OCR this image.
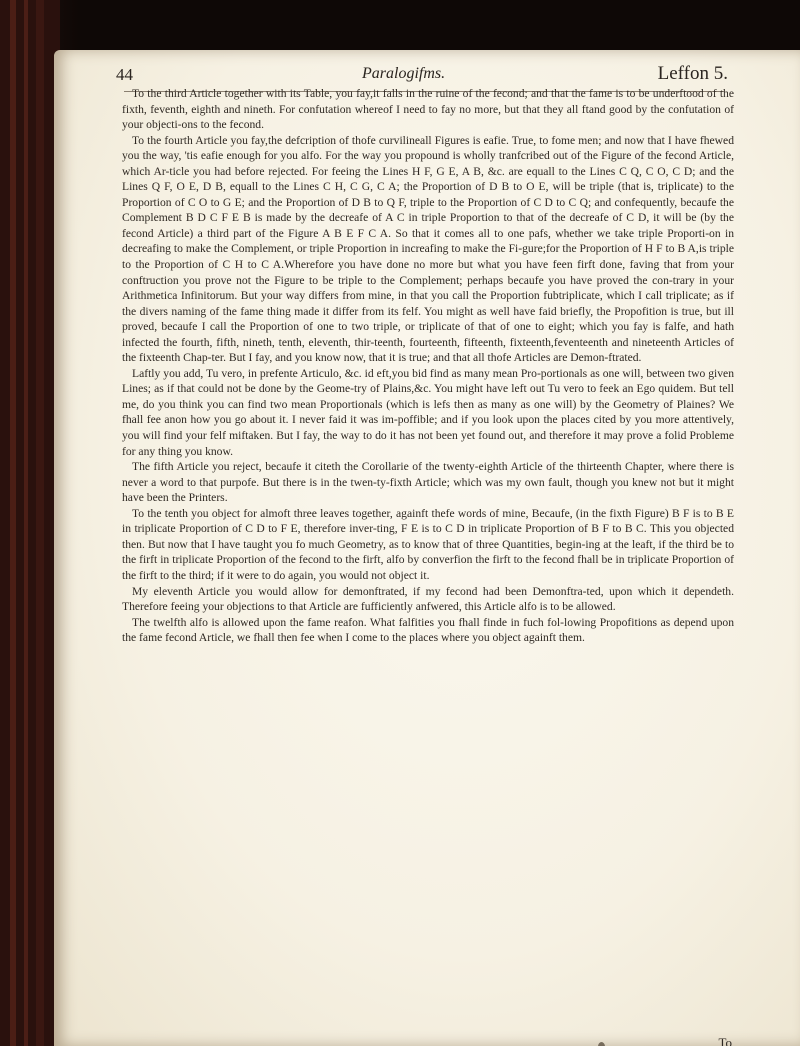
44	Paralogifms.	Leffon 5.

To the third Article together with its Table, you fay,it falls in the ruine of the fecond; and that the fame is to be underftood of the fixth, feventh, eighth and nineth. For confutation whereof I need to fay no more, but that they all ftand good by the confutation of your objecti-ons to the fecond.

To the fourth Article you fay,the defcription of thofe curvilineall Figures is eafie. True, to fome men; and now that I have fhewed you the way, 'tis eafie enough for you alfo. For the way you propound is wholly tranfcribed out of the Figure of the fecond Article, which Ar-ticle you had before rejected. For feeing the Lines H F, G E, A B, &c. are equall to the Lines C Q, C O, C D; and the Lines Q F, O E, D B, equall to the Lines C H, C G, C A; the Proportion of D B to O E, will be triple (that is, triplicate) to the Proportion of C O to G E; and the Proportion of D B to Q F, triple to the Proportion of C D to C Q; and confequently, becaufe the Complement B D C F E B is made by the decreafe of A C in triple Proportion to that of the decreafe of C D, it will be (by the fecond Article) a third part of the Figure A B E F C A. So that it comes all to one pafs, whether we take triple Proporti-on in decreafing to make the Complement, or triple Proportion in increafing to make the Fi-gure;for the Proportion of H F to B A,is triple to the Proportion of C H to C A.Wherefore you have done no more but what you have feen firft done, faving that from your conftruction you prove not the Figure to be triple to the Complement; perhaps becaufe you have proved the con-trary in your Arithmetica Infinitorum. But your way differs from mine, in that you call the Proportion fubtriplicate, which I call triplicate; as if the divers naming of the fame thing made it differ from its felf. You might as well have faid briefly, the Propofition is true, but ill proved, becaufe I call the Proportion of one to two triple, or triplicate of that of one to eight; which you fay is falfe, and hath infected the fourth, fifth, nineth, tenth, eleventh, thir-teenth, fourteenth, fifteenth, fixteenth,feventeenth and nineteenth Articles of the fixteenth Chap-ter. But I fay, and you know now, that it is true; and that all thofe Articles are Demon-ftrated.

Laftly you add, Tu vero, in prefente Articulo, &c. id eft,you bid find as many mean Pro-portionals as one will, between two given Lines; as if that could not be done by the Geome-try of Plains,&c. You might have left out Tu vero to feek an Ego quidem. But tell me, do you think you can find two mean Proportionals (which is lefs then as many as one will) by the Geometry of Plaines? We fhall fee anon how you go about it. I never faid it was im-poffible; and if you look upon the places cited by you more attentively, you will find your felf miftaken. But I fay, the way to do it has not been yet found out, and therefore it may prove a folid Probleme for any thing you know.

The fifth Article you reject, becaufe it citeth the Corollarie of the twenty-eighth Article of the thirteenth Chapter, where there is never a word to that purpofe. But there is in the twen-ty-fixth Article; which was my own fault, though you knew not but it might have been the Printers.

To the tenth you object for almoft three leaves together, againft thefe words of mine, Becaufe, (in the fixth Figure) B F is to B E in triplicate Proportion of C D to F E, therefore inver-ting, F E is to C D in triplicate Proportion of B F to B C. This you objected then. But now that I have taught you fo much Geometry, as to know that of three Quantities, begin-ing at the leaft, if the third be to the firft in triplicate Proportion of the fecond to the firft, alfo by converfion the firft to the fecond fhall be in triplicate Proportion of the firft to the third; if it were to do again, you would not object it.

My eleventh Article you would allow for demonftrated, if my fecond had been Demonftra-ted, upon which it dependeth. Therefore feeing your objections to that Article are fufficiently anfwered, this Article alfo is to be allowed.

The twelfth alfo is allowed upon the fame reafon. What falfities you fhall finde in fuch fol-lowing Propofitions as depend upon the fame fecond Article, we fhall then fee when I come to the places where you object againft them.

To
